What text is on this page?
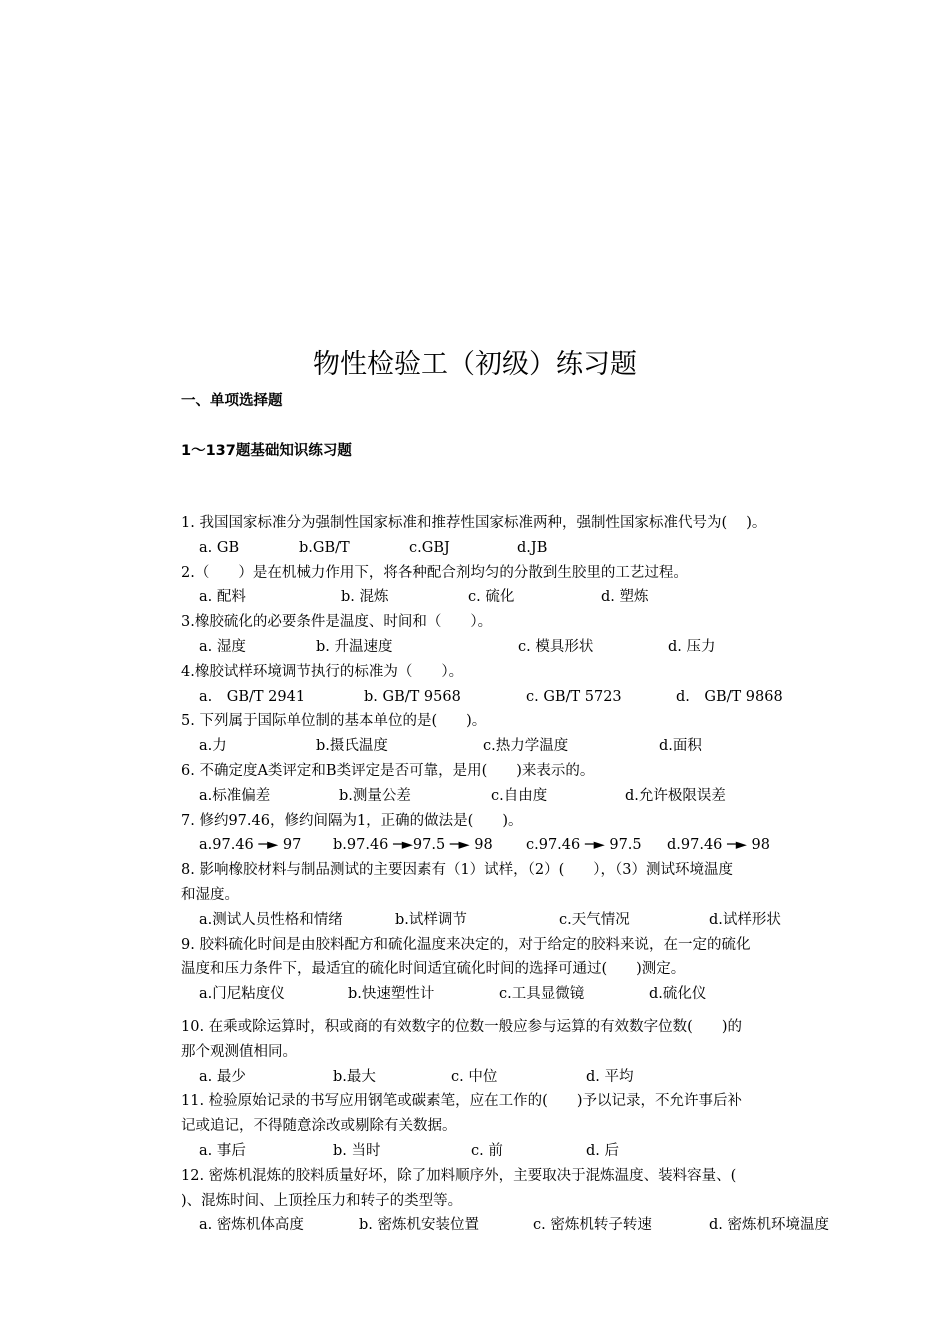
物性检验工（初级）练习题
一、单项选择题
1～137题基础知识练习题
1. 我国国家标准分为强制性国家标准和推荐性国家标准两种，强制性国家标准代号为(　 )。
a. GB	b.GB/T	c.GBJ	d.JB
2.（　　）是在机械力作用下，将各种配合剂均匀的分散到生胶里的工艺过程。
a. 配料	b. 混炼	c. 硫化	d. 塑炼
3.橡胶硫化的必要条件是温度、时间和（　　）。
a. 湿度	b. 升温速度	c. 模具形状	d. 压力
4.橡胶试样环境调节执行的标准为（　　）。
a.　GB/T 2941	b. GB/T 9568	c. GB/T 5723	d.　GB/T 9868
5. 下列属于国际单位制的基本单位的是(　　)。
a.力	b.摄氏温度	c.热力学温度	d.面积
6. 不确定度A类评定和B类评定是否可靠，是用(　　)来表示的。
a.标准偏差	b.测量公差	c.自由度	d.允许极限误差
7. 修约97.46，修约间隔为1，正确的做法是(　　)。
a.97.46 ─► 97 b.97.46 ─►97.5 ─► 98 c.97.46 ─► 97.5 d.97.46 ─► 98
8. 影响橡胶材料与制品测试的主要因素有（1）试样，（2）(　　），（3）测试环境温度
和湿度。
a.测试人员性格和情绪	b.试样调节	c.天气情况	d.试样形状
9. 胶料硫化时间是由胶料配方和硫化温度来决定的，对于给定的胶料来说，在一定的硫化
温度和压力条件下，最适宜的硫化时间适宜硫化时间的选择可通过(　　)测定。
a.门尼粘度仪	b.快速塑性计	c.工具显微镜	d.硫化仪
10. 在乘或除运算时，积或商的有效数字的位数一般应参与运算的有效数字位数(　　)的
那个观测值相同。
a. 最少	b.最大	c. 中位	d. 平均
11. 检验原始记录的书写应用钢笔或碳素笔，应在工作的(　　)予以记录，不允许事后补
记或追记，不得随意涂改或剔除有关数据。
a. 事后	b. 当时	c. 前	d. 后
12. 密炼机混炼的胶料质量好坏，除了加料顺序外，主要取决于混炼温度、装料容量、(
)、混炼时间、上顶拴压力和转子的类型等。
a. 密炼机体高度	b. 密炼机安装位置	c. 密炼机转子转速	d. 密炼机环境温度
